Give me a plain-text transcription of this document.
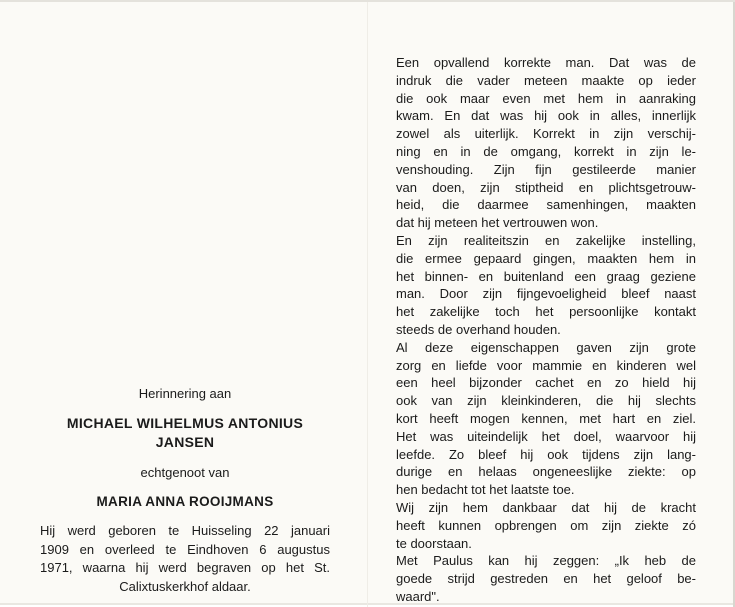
Herinnering aan
MICHAEL WILHELMUS ANTONIUS
JANSEN
echtgenoot van
MARIA ANNA ROOIJMANS
Hij werd geboren te Huisseling 22 januari
1909 en overleed te Eindhoven 6 augustus
1971, waarna hij werd begraven op het St.
Calixtuskerkhof aldaar.
Een opvallend korrekte man. Dat was de
indruk die vader meteen maakte op ieder
die ook maar even met hem in aanraking
kwam. En dat was hij ook in alles, innerlijk
zowel als uiterlijk. Korrekt in zijn verschij-
ning en in de omgang, korrekt in zijn le-
venshouding. Zijn fijn gestileerde manier
van doen, zijn stiptheid en plichtsgetrouw-
heid, die daarmee samenhingen, maakten
dat hij meteen het vertrouwen won.
En zijn realiteitszin en zakelijke instelling,
die ermee gepaard gingen, maakten hem in
het binnen- en buitenland een graag geziene
man. Door zijn fijngevoeligheid bleef naast
het zakelijke toch het persoonlijke kontakt
steeds de overhand houden.
Al deze eigenschappen gaven zijn grote
zorg en liefde voor mammie en kinderen wel
een heel bijzonder cachet en zo hield hij
ook van zijn kleinkinderen, die hij slechts
kort heeft mogen kennen, met hart en ziel.
Het was uiteindelijk het doel, waarvoor hij
leefde. Zo bleef hij ook tijdens zijn lang-
durige en helaas ongeneeslijke ziekte: op
hen bedacht tot het laatste toe.
Wij zijn hem dankbaar dat hij de kracht
heeft kunnen opbrengen om zijn ziekte zó
te doorstaan.
Met Paulus kan hij zeggen: „Ik heb de
goede strijd gestreden en het geloof be-
waard".
